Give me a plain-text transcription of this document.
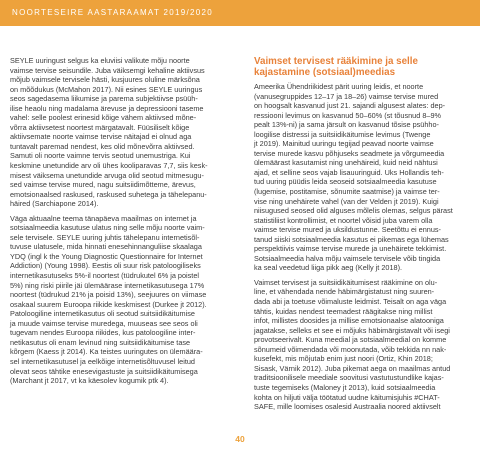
NOORTESEIRE AASTARAAMAT 2019/2020

SEYLE uuringust selgus ka eluviisi valikute mõju noorte
vaimse tervise seisundile. Juba väiksemgi kehaline aktiivsus
mõjub vaimsele tervisele hästi, kusjuures oluline märksõna
on mõõdukus (McMahon 2017). Nii esines SEYLE uuringus
seos sagedasema liikumise ja parema subjektiivse psüüh-
ilise heaolu ning madalama ärevuse ja depressiooni taseme
vahel: selle poolest erinesid kõige vähem aktiivsed mõne-
võrra aktiivsetest noortest märgatavalt. Füüsiliselt kõige
aktiivsemate noorte vaimse tervise näitajad ei olnud aga
tuntavalt paremad nendest, kes olid mõnevõrra aktiivsed.
Samuti oli noorte vaimne tervis seotud unemustriga. Kui
keskmine unetundide arv oli ühes kooliparavas 7,7, siis kesk-
misest väiksema unetundide arvuga olid seotud mitmesugu-
sed vaimse tervise mured, nagu suitsiidimõtteme, ärevus,
emotsionaalsed raskused, raskused suhetega ja tähelepanu-
häired (Sarchiapone 2014).

Väga aktuaalne teema tänapäeva maailmas on internet ja
sotsiaalmeedia kasutuse ulatus ning selle mõju noorte vaim-
sele tervisele. SEYLE uuring juhtis tähelepanu internetisõl-
tuvuse ulatusele, mida hinnati enesehinnanguliise skaalaga
YDQ (ingl k the Young Diagnostic Questionnaire for Internet
Addiction) (Young 1998). Eestis oli suur risk patoloogiliseks
internetikasutuseks 5%-il noortest (tüdrukutel 6% ja poistel
5%) ning riski piirile jäi ülemäärase internetikasutusega 17%
noortest (tüdrukud 21% ja poisid 13%), seejuures on viimase
osakaal suurem Euroopa riikide keskmisest (Durkee jt 2012).
Patoloogiline internetikasutus oli seotud suitsiidikäitumise
ja muude vaimse tervise muredega, muuseas see seos oli
tugevam nendes Euroopa riikides, kus patoloogiline inter-
netikasutus oli enam levinud ning suitsiidikäitumise tase
kõrgem (Kaess jt 2014). Ka teistes uuringutes on ülemäära-
sel internetikasutusel ja eelkõige internetisõltuvusel leitud
olevat seos tähtike enesevigastuste ja suitsiidikäitumisega
(Marchant jt 2017, vt ka käesolev kogumik ptk 4).

Vaimset tervisest rääkimine ja selle
kajastamine (sotsiaal)meedias

Ameerika Ühendriikidest pärit uuring leidis, et noorte
(vanusegruppides 12–17 ja 18–26) vaimse tervise mured
on hoogsalt kasvanud just 21. sajandi algusest alates: dep-
ressiooni levimus on kasvanud 50–60% (st tõusnud 8–9%
pealt 13%-ni) ja sama järsult on kasvanud tõsise psühho-
loogilise distressi ja suitsiidikäitumise levimus (Twenge
jt 2019). Mainitud uuringu tegijad peavad noorte vaimse
tervise murede kasvu põhjuseks seadmete ja võrgumeedia
ülemäärast kasutamist ning unehäireid, kuid neid nähtusi
ajad, et selline seos vajab lisauuringuid. Uks Hollandis teh-
tud uuring püüdis leida seoseid sotsiaalmeedia kasutuse
(lugemise, postitamise, sõnumite saatmise) ja vaimse ter-
vise ning unehäirete vahel (van der Velden jt 2019). Kuigi
niisugused seosed olid alguses mõlelis olemas, selgus pärast
statistiliist kontrollimist, et noortel võisid juba varem olla
vaimse tervise mured ja uksildustunne. Seetõttu ei ennus-
tanud siiski sotsiaalmeedia kasutus ei pikemas ega lühemas
perspektiivis vaimse tervise murede ja unehäirete tekkimist.
Sotsiaalmeedia halva mõju vaimsele tervisele võib tingida
ka seal veedetud liiga pikk aeg (Kelly jt 2018).

Vaimset tervisest ja suitsiidikäitumisest rääkimine on olu-
line, et vähendada nende häbimärgistatust ning suuren-
dada abi ja toetuse võimaluste leidmist. Teisalt on aga väga
tähtis, kuidas nendest teemadest räägitakse ning millist
infot, millistes doosides ja millise emotsionaalse alatooniga
jagatakse, selleks et see ei mõjuks häbimärgistavalt või isegi
provotseerivalt. Kuna meedial ja sotsiaalmeedial on komme
sõnumeid võimendada või moonutada, võib tekkida nn nak-
kusefekt, mis mõjutab enim just noori (Ortiz, Khin 2018;
Sisask, Värnik 2012). Juba pikemat aega on maailmas antud
traditsioonilisele meediale soovitusi vastutustundlike kajas-
tuste tegemiseks (Maloney jt 2013), kuid sotsiaalmeedia
kohta on hiljuti välja töötatud uudne käitumisjuhis #CHAT-
SAFE, mille loomises osalesid Austraalia noored aktiivselt

40
